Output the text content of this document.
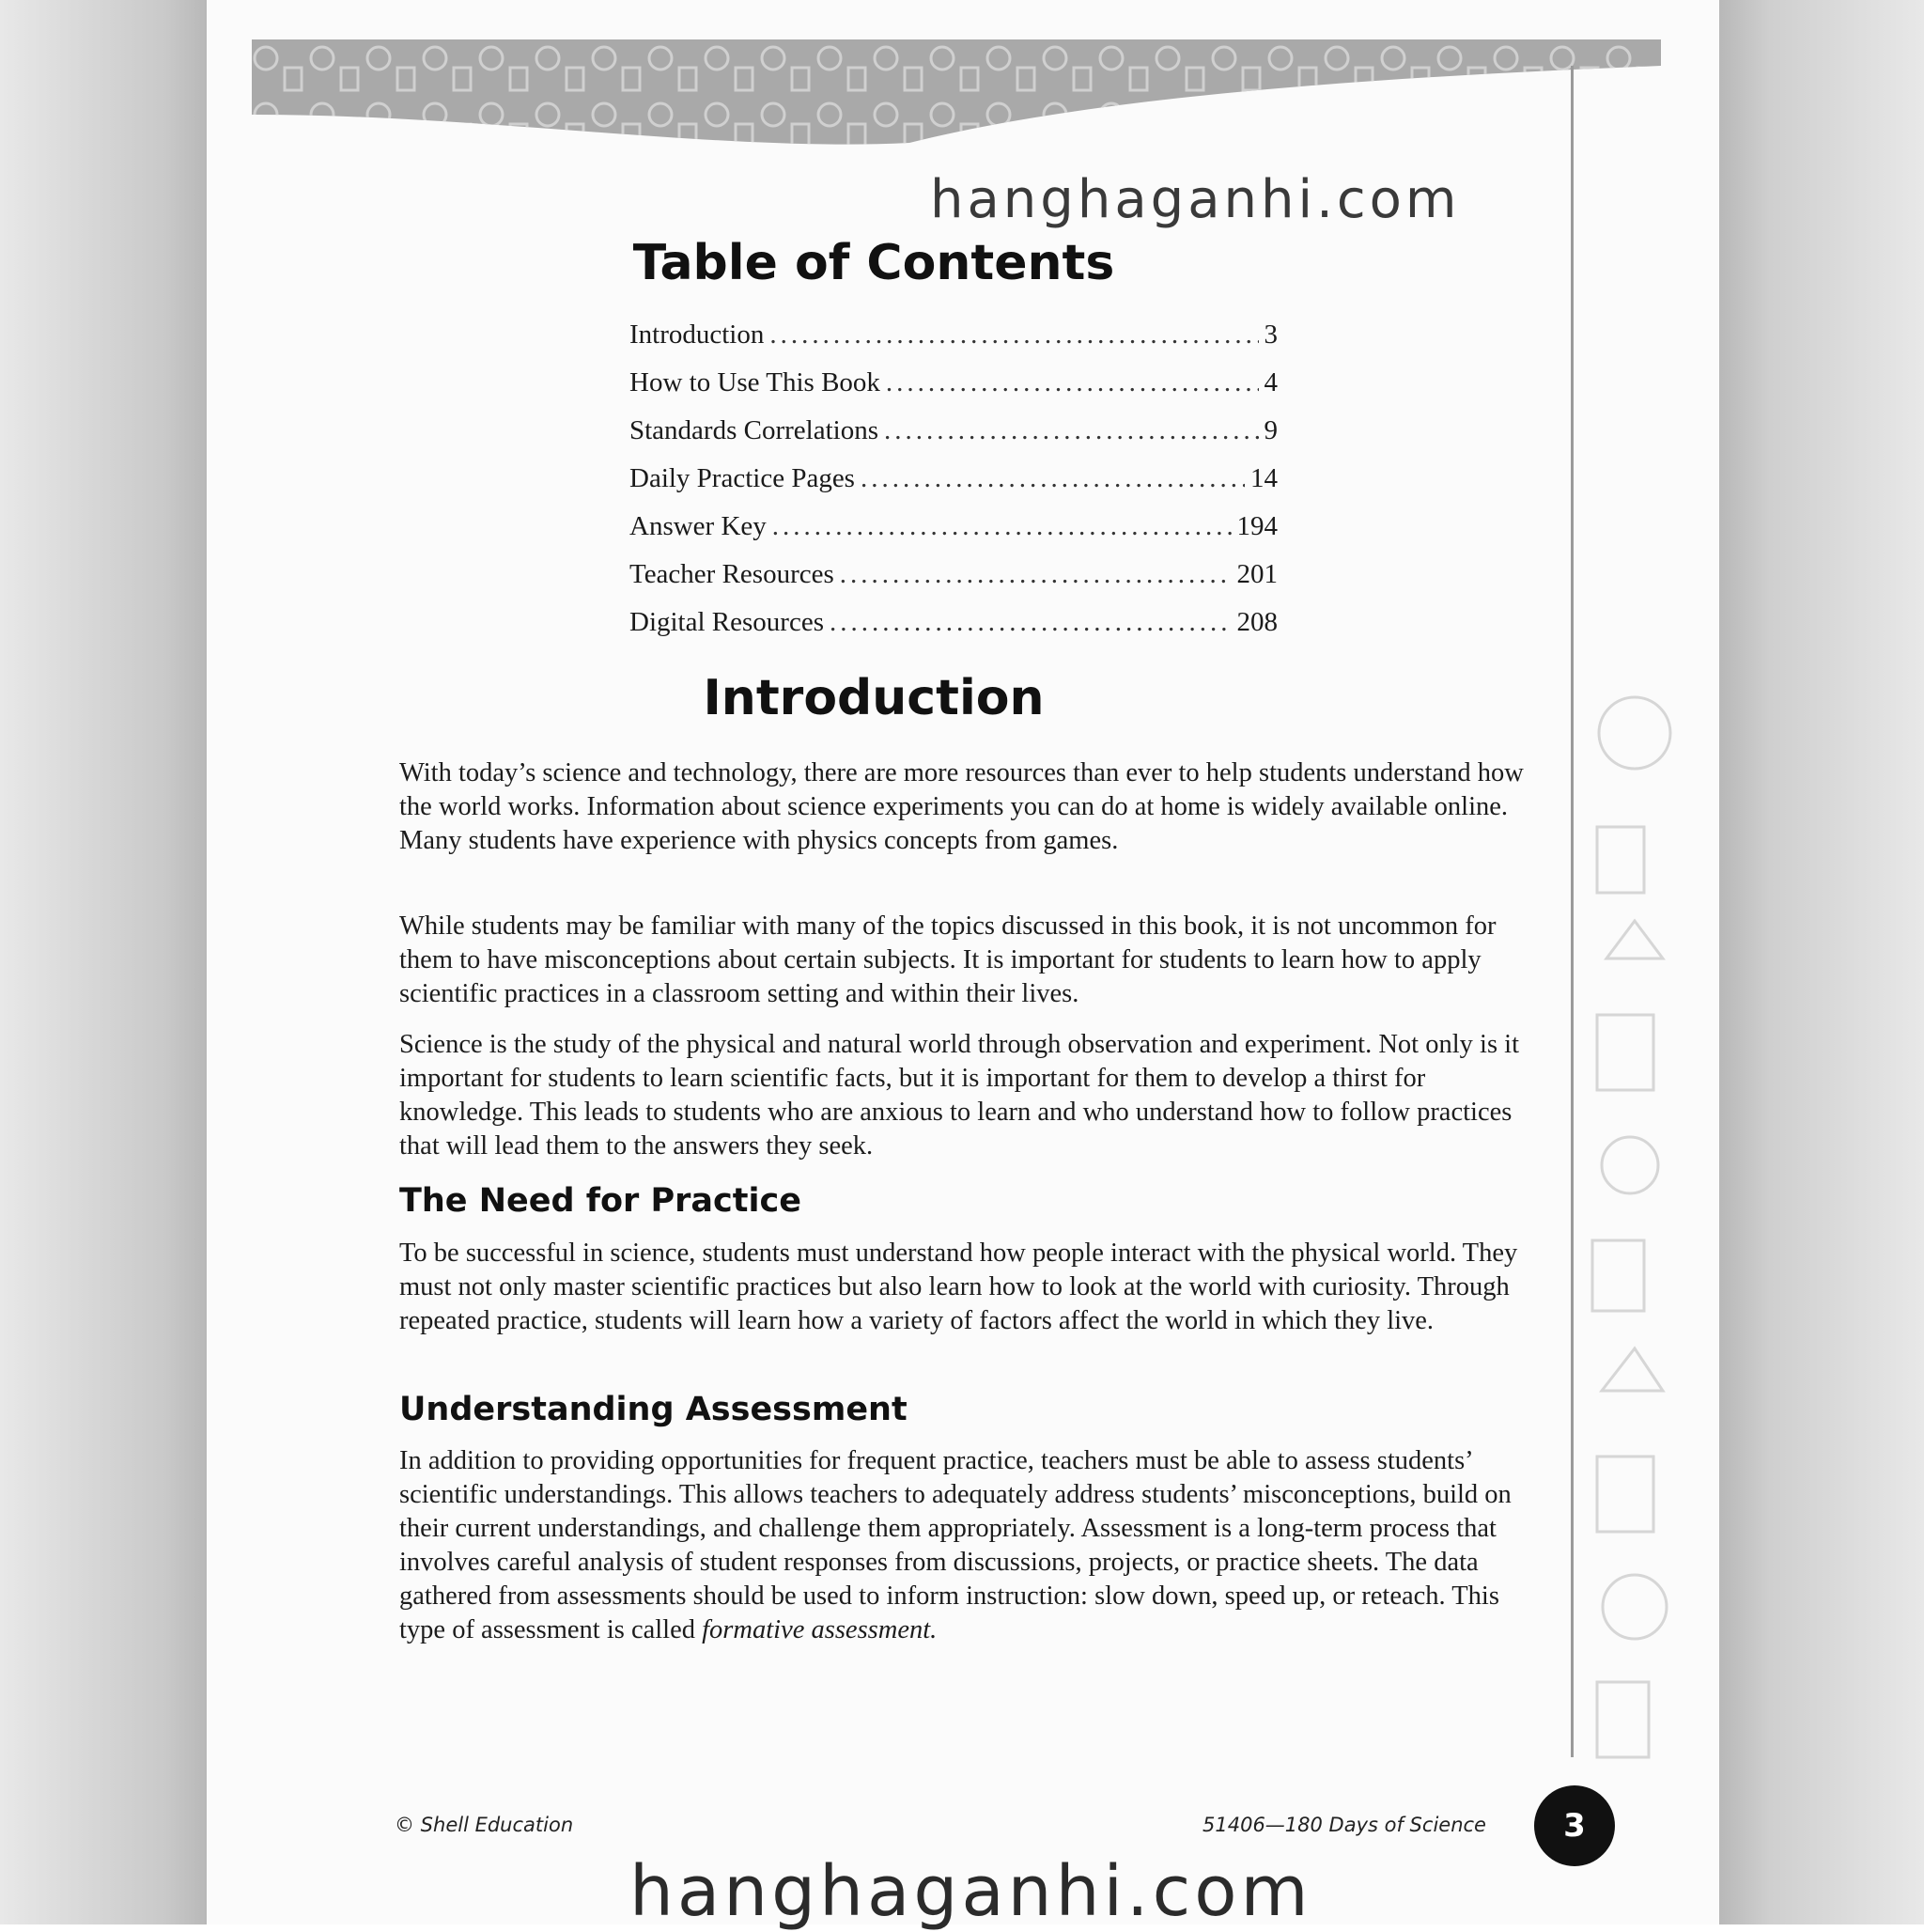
hanghaganhi.com
Table of Contents
Introduction .....	3
How to Use This Book .....	4
Standards Correlations .....	9
Daily Practice Pages .....	14
Answer Key .....	194
Teacher Resources .....	201
Digital Resources .....	208
Introduction

With today’s science and technology, there are more resources than ever to help students understand how the world works. Information about science experiments you can do at home is widely available online. Many students have experience with physics concepts from games.

While students may be familiar with many of the topics discussed in this book, it is not uncommon for them to have misconceptions about certain subjects. It is important for students to learn how to apply scientific practices in a classroom setting and within their lives.

Science is the study of the physical and natural world through observation and experiment. Not only is it important for students to learn scientific facts, but it is important for them to develop a thirst for knowledge. This leads to students who are anxious to learn and who understand how to follow practices that will lead them to the answers they seek.

The Need for Practice

To be successful in science, students must understand how people interact with the physical world. They must not only master scientific practices but also learn how to look at the world with curiosity. Through repeated practice, students will learn how a variety of factors affect the world in which they live.

Understanding Assessment

In addition to providing opportunities for frequent practice, teachers must be able to assess students’ scientific understandings. This allows teachers to adequately address students’ misconceptions, build on their current understandings, and challenge them appropriately. Assessment is a long-term process that involves careful analysis of student responses from discussions, projects, or practice sheets. The data gathered from assessments should be used to inform instruction: slow down, speed up, or reteach. This type of assessment is called formative assessment.

© Shell Education	51406—180 Days of Science 3
hanghaganhi.com
